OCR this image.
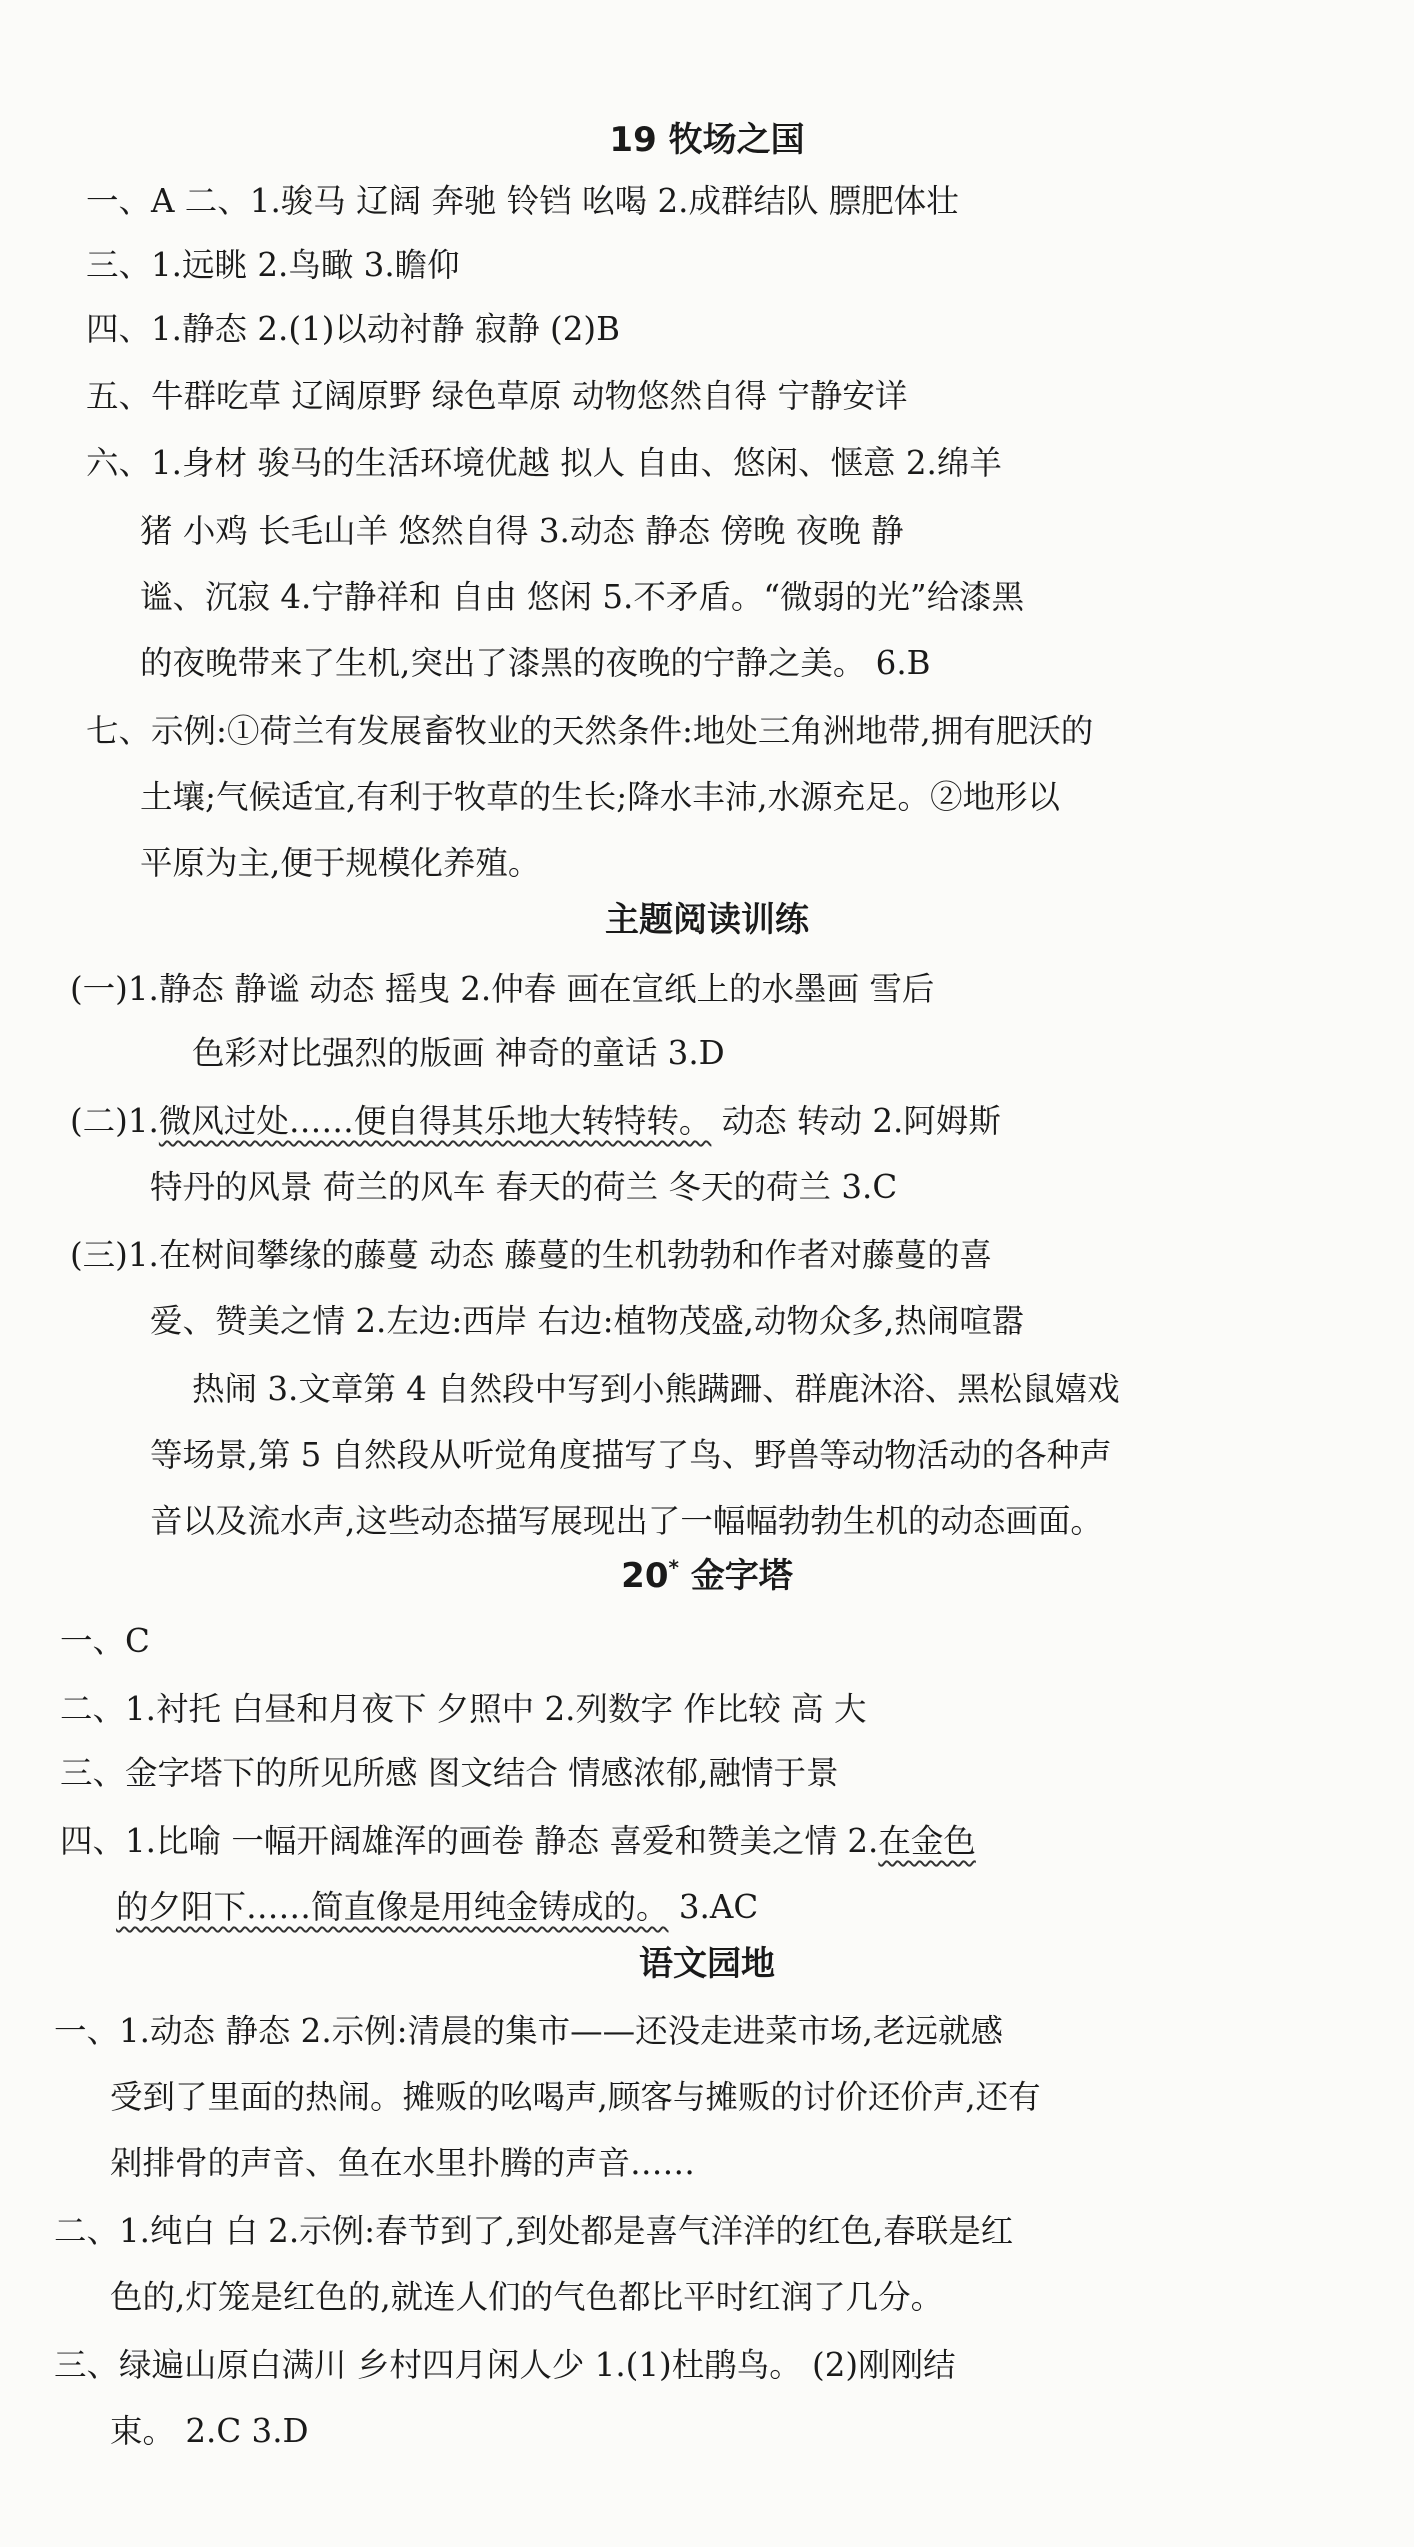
19 牧场之国
一、A 二、1.骏马 辽阔 奔驰 铃铛 吆喝 2.成群结队 膘肥体壮
三、1.远眺 2.鸟瞰 3.瞻仰
四、1.静态 2.(1)以动衬静 寂静 (2)B
五、牛群吃草 辽阔原野 绿色草原 动物悠然自得 宁静安详
六、1.身材 骏马的生活环境优越 拟人 自由、悠闲、惬意 2.绵羊
猪 小鸡 长毛山羊 悠然自得 3.动态 静态 傍晚 夜晚 静
谧、沉寂 4.宁静祥和 自由 悠闲 5.不矛盾。“微弱的光”给漆黑
的夜晚带来了生机,突出了漆黑的夜晚的宁静之美。 6.B
七、示例:①荷兰有发展畜牧业的天然条件:地处三角洲地带,拥有肥沃的
土壤;气候适宜,有利于牧草的生长;降水丰沛,水源充足。②地形以
平原为主,便于规模化养殖。
主题阅读训练
(一)1.静态 静谧 动态 摇曳 2.仲春 画在宣纸上的水墨画 雪后
色彩对比强烈的版画 神奇的童话 3.D
(二)1.微风过处……便自得其乐地大转特转。 动态 转动 2.阿姆斯
特丹的风景 荷兰的风车 春天的荷兰 冬天的荷兰 3.C
(三)1.在树间攀缘的藤蔓 动态 藤蔓的生机勃勃和作者对藤蔓的喜
爱、赞美之情 2.左边:西岸 右边:植物茂盛,动物众多,热闹喧嚣
热闹 3.文章第 4 自然段中写到小熊蹒跚、群鹿沐浴、黑松鼠嬉戏
等场景,第 5 自然段从听觉角度描写了鸟、野兽等动物活动的各种声
音以及流水声,这些动态描写展现出了一幅幅勃勃生机的动态画面。
20* 金字塔
一、C
二、1.衬托 白昼和月夜下 夕照中 2.列数字 作比较 高 大
三、金字塔下的所见所感 图文结合 情感浓郁,融情于景
四、1.比喻 一幅开阔雄浑的画卷 静态 喜爱和赞美之情 2.在金色
的夕阳下……简直像是用纯金铸成的。 3.AC
语文园地
一、1.动态 静态 2.示例:清晨的集市——还没走进菜市场,老远就感
受到了里面的热闹。摊贩的吆喝声,顾客与摊贩的讨价还价声,还有
剁排骨的声音、鱼在水里扑腾的声音……
二、1.纯白 白 2.示例:春节到了,到处都是喜气洋洋的红色,春联是红
色的,灯笼是红色的,就连人们的气色都比平时红润了几分。
三、绿遍山原白满川 乡村四月闲人少 1.(1)杜鹃鸟。 (2)刚刚结
束。 2.C 3.D
